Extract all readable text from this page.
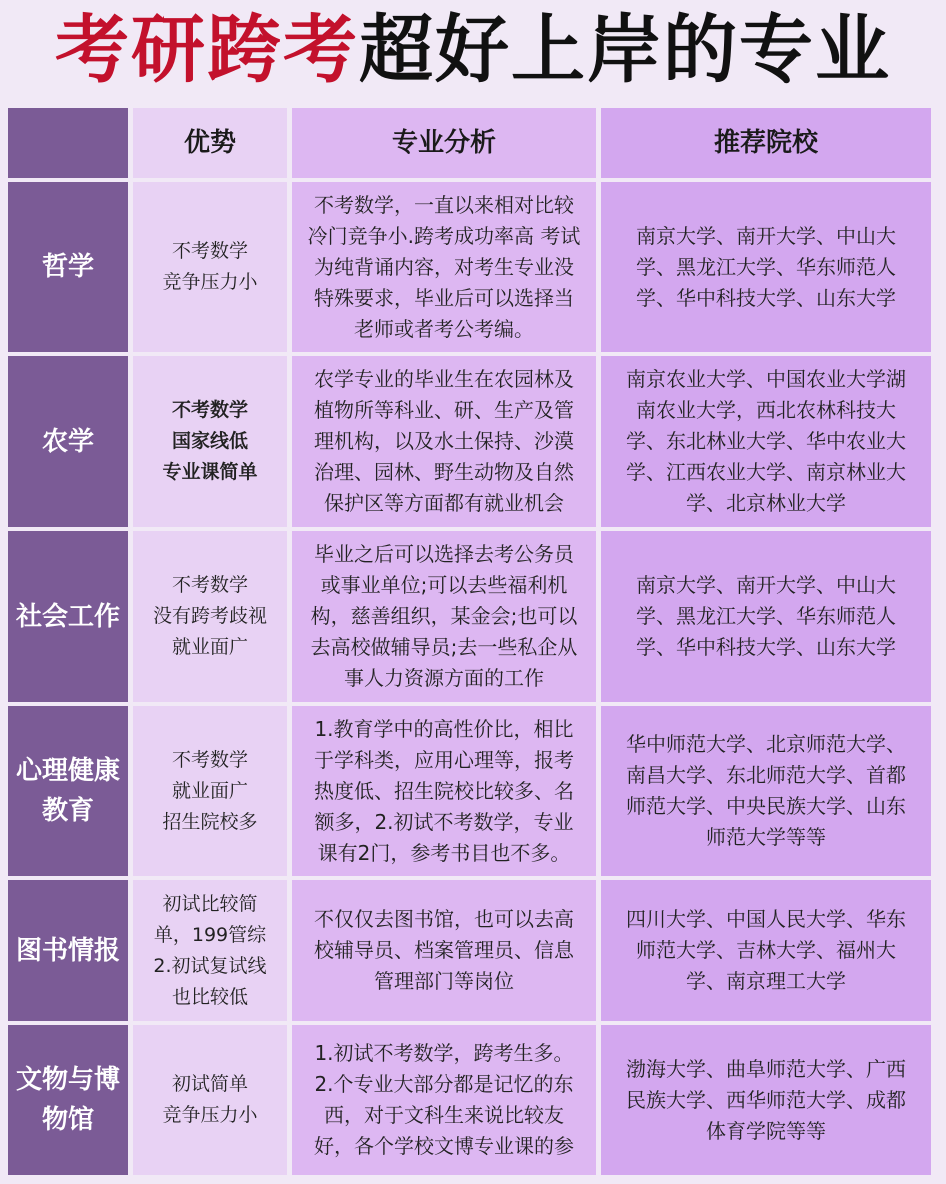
考研跨考超好上岸的专业
优势	专业分析	推荐院校
哲学
不考数学
竞争压力小
不考数学，一直以来相对比较
冷门竞争小.跨考成功率高 考试
为纯背诵内容，对考生专业没
特殊要求，毕业后可以选择当
老师或者考公考编。
南京大学、南开大学、中山大
学、黑龙江大学、华东师范人
学、华中科技大学、山东大学
农学
不考数学
国家线低
专业课简单
农学专业的毕业生在农园林及
植物所等科业、研、生产及管
理机构，以及水土保持、沙漠
治理、园林、野生动物及自然
保护区等方面都有就业机会
南京农业大学、中国农业大学湖
南农业大学，西北农林科技大
学、东北林业大学、华中农业大
学、江西农业大学、南京林业大
学、北京林业大学
社会工作
不考数学
没有跨考歧视
就业面广
毕业之后可以选择去考公务员
或事业单位;可以去些福利机
构，慈善组织，某金会;也可以
去高校做辅导员;去一些私企从
事人力资源方面的工作
南京大学、南开大学、中山大
学、黑龙江大学、华东师范人
学、华中科技大学、山东大学
心理健康
教育
不考数学
就业面广
招生院校多
1.教育学中的高性价比，相比
于学科类，应用心理等，报考
热度低、招生院校比较多、名
额多，2.初试不考数学，专业
课有2门，参考书目也不多。
华中师范大学、北京师范大学、
南昌大学、东北师范大学、首都
师范大学、中央民族大学、山东
师范大学等等
图书情报
初试比较简
单，199管综
2.初试复试线
也比较低
不仅仅去图书馆，也可以去高
校辅导员、档案管理员、信息
管理部门等岗位
四川大学、中国人民大学、华东
师范大学、吉林大学、福州大
学、南京理工大学
文物与博
物馆
初试简单
竞争压力小
1.初试不考数学，跨考生多。
2.个专业大部分都是记忆的东
西，对于文科生来说比较友
好，各个学校文博专业课的参
渤海大学、曲阜师范大学、广西
民族大学、西华师范大学、成都
体育学院等等
